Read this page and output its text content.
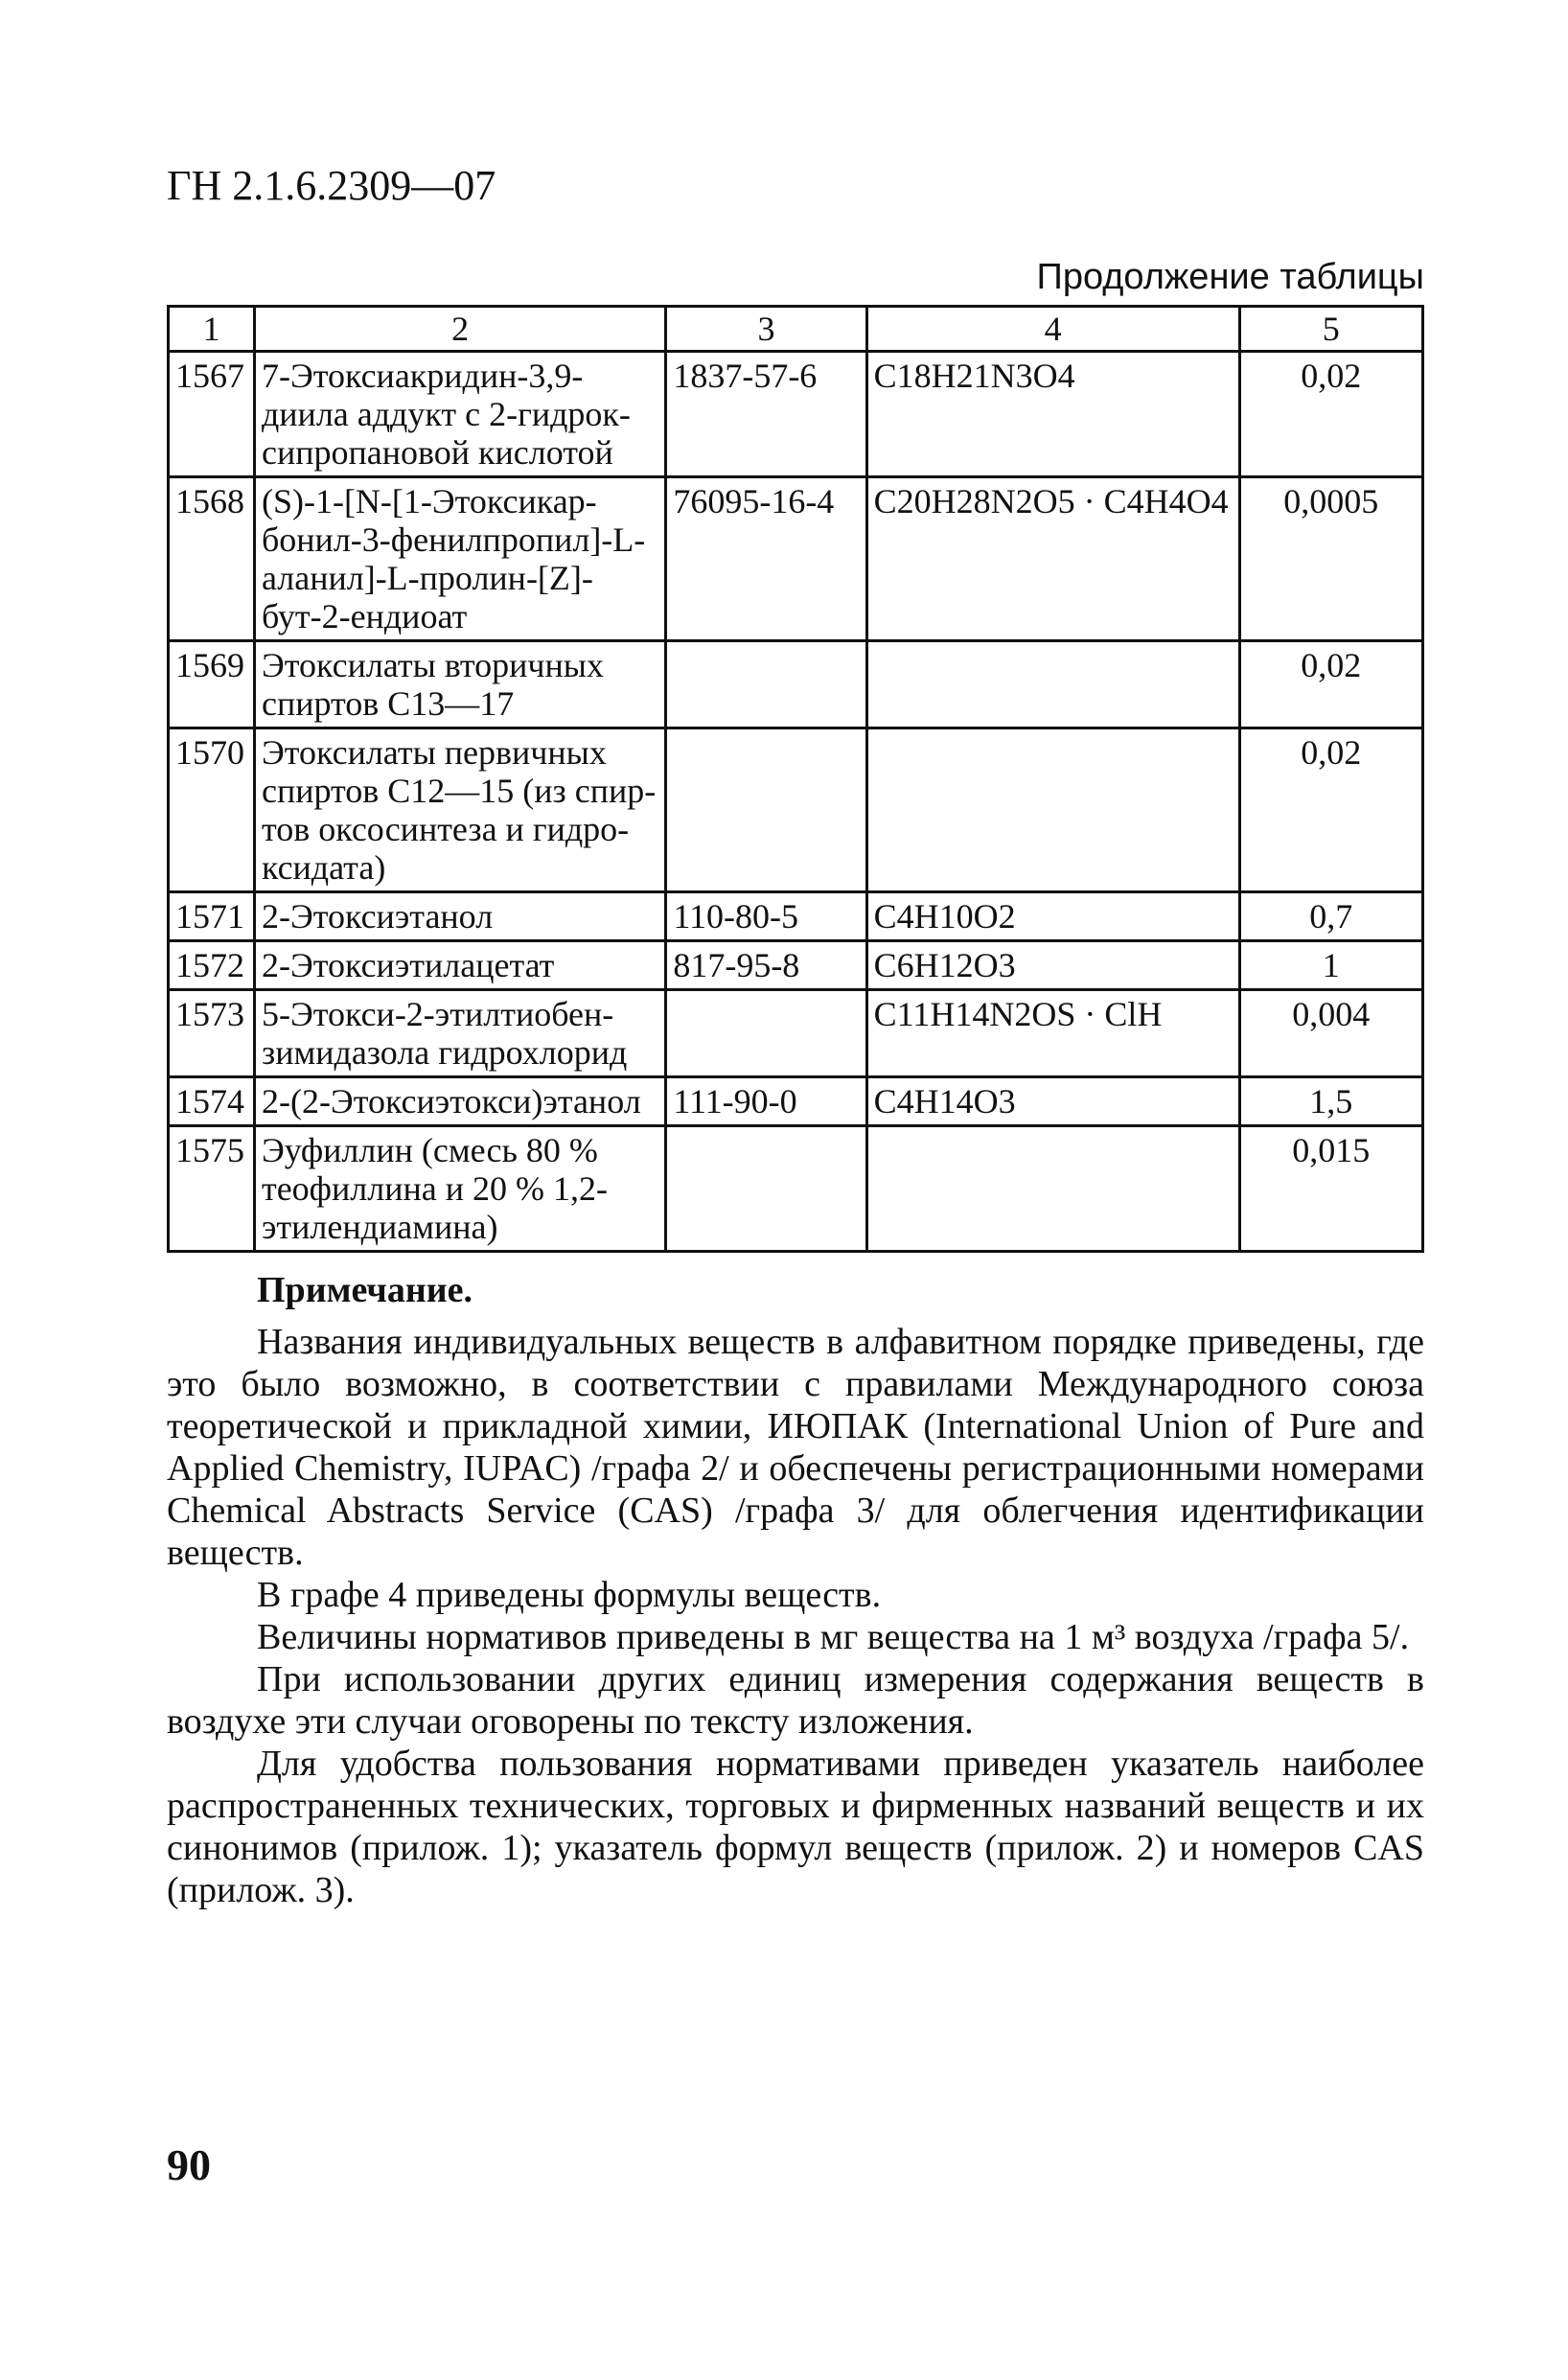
ГН 2.1.6.2309—07
Продолжение таблицы
1	2	3	4	5
1567	7-Этоксиакридин-3,9-диила аддукт с 2-гидрок-сипропановой кислотой	1837-57-6	C18H21N3O4	0,02
1568	(S)-1-[N-[1-Этоксикар-бонил-3-фенилпропил]-L-аланил]-L-пролин-[Z]-бут-2-ендиоат	76095-16-4	C20H28N2O5 · C4H4O4	0,0005
1569	Этоксилаты вторичных спиртов C13—17			0,02
1570	Этоксилаты первичных спиртов C12—15 (из спир-тов оксосинтеза и гидро-ксидата)			0,02
1571	2-Этоксиэтанол	110-80-5	C4H10O2	0,7
1572	2-Этоксиэтилацетат	817-95-8	C6H12O3	1
1573	5-Этокси-2-этилтиобен-зимидазола гидрохлорид		C11H14N2OS · ClH	0,004
1574	2-(2-Этоксиэтокси)этанол	111-90-0	C4H14O3	1,5
1575	Эуфиллин (смесь 80 % теофиллина и 20 % 1,2-этилендиамина)			0,015
Примечание.

Названия индивидуальных веществ в алфавитном порядке приведены, где это было возможно, в соответствии с правилами Международного союза теоретической и прикладной химии, ИЮПАК (International Union of Pure and Applied Chemistry, IUPAC) /графа 2/ и обеспечены регистрационными номерами Chemical Abstracts Service (CAS) /графа 3/ для облегчения идентификации веществ.

В графе 4 приведены формулы веществ.

Величины нормативов приведены в мг вещества на 1 м³ воздуха /графа 5/.

При использовании других единиц измерения содержания веществ в воздухе эти случаи оговорены по тексту изложения.

Для удобства пользования нормативами приведен указатель наиболее распространенных технических, торговых и фирменных названий веществ и их синонимов (прилож. 1); указатель формул веществ (прилож. 2) и номеров CAS (прилож. 3).

90
